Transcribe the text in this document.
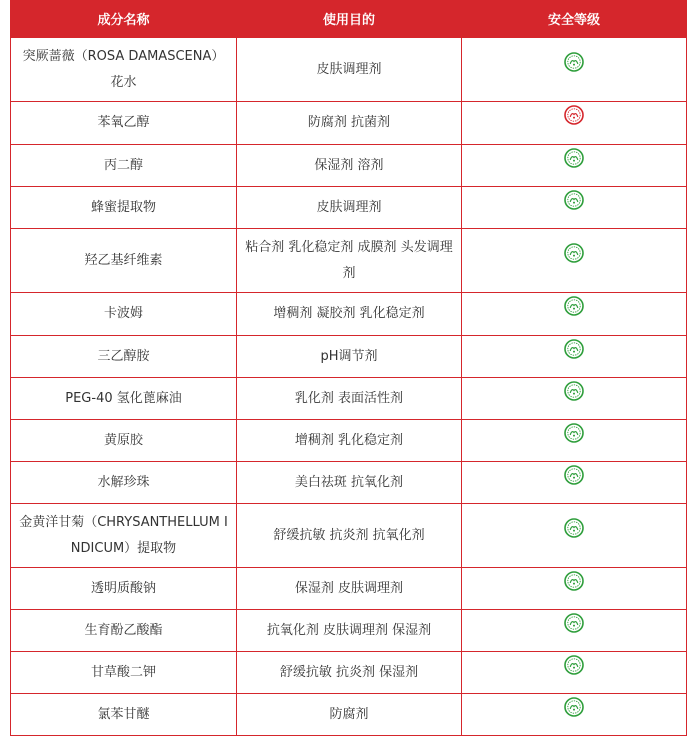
成分名称	使用目的	安全等级
突厥蔷薇（ROSA DAMASCENA）花水	皮肤调理剂	

苯氧乙醇	防腐剂 抗菌剂	

丙二醇	保湿剂 溶剂	

蜂蜜提取物	皮肤调理剂	

羟乙基纤维素	粘合剂 乳化稳定剂 成膜剂 头发调理剂	

卡波姆	增稠剂 凝胶剂 乳化稳定剂	

三乙醇胺	pH调节剂	

PEG-40 氢化蓖麻油	乳化剂 表面活性剂	

黄原胶	增稠剂 乳化稳定剂	

水解珍珠	美白祛斑 抗氧化剂	

金黄洋甘菊（CHRYSANTHELLUM INDICUM）提取物	舒缓抗敏 抗炎剂 抗氧化剂	

透明质酸钠	保湿剂 皮肤调理剂	

生育酚乙酸酯	抗氧化剂 皮肤调理剂 保湿剂	

甘草酸二钾	舒缓抗敏 抗炎剂 保湿剂	

氯苯甘醚	防腐剂	
